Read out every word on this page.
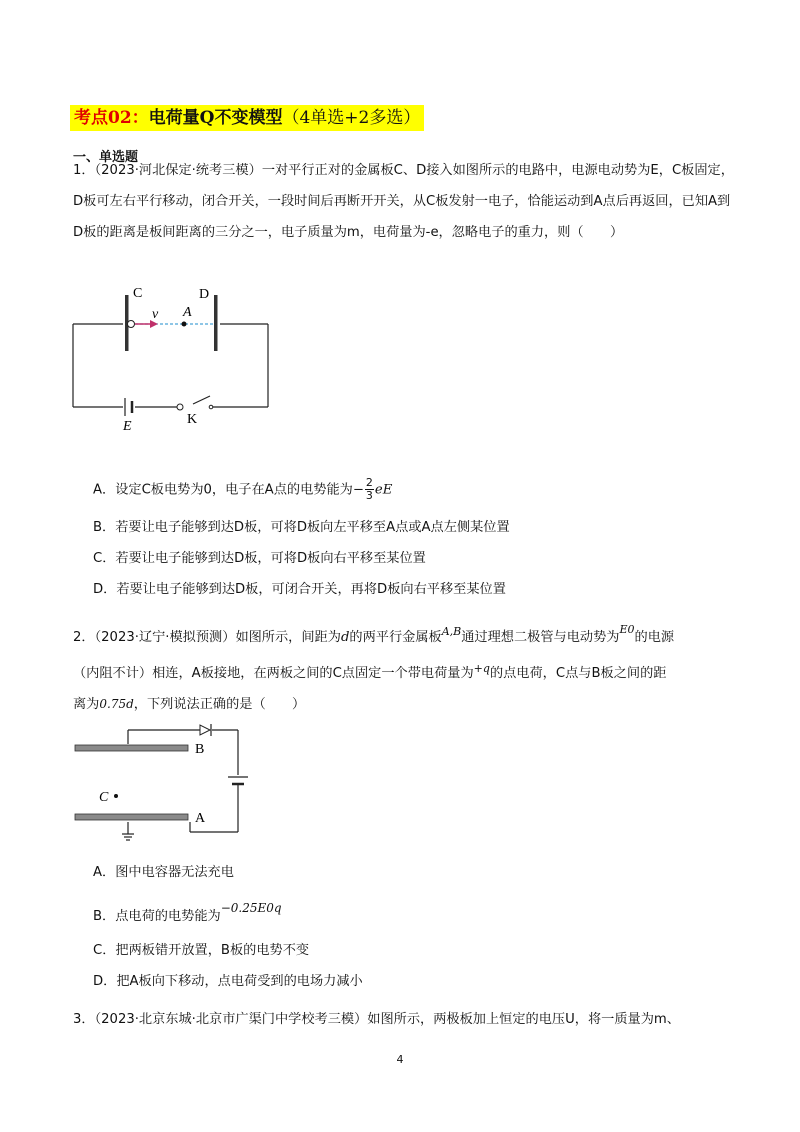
考点02：电荷量Q不变模型（4单选+2多选）
一、单选题
1．（2023·河北保定·统考三模）一对平行正对的金属板C、D接入如图所示的电路中，电源电动势为E，C板固定，D板可左右平行移动，闭合开关，一段时间后再断开开关，从C板发射一电子，恰能运动到A点后再返回，已知A到D板的距离是板间距离的三分之一，电子质量为m，电荷量为-e，忽略电子的重力，则（　　）
C	D
v A
E	K
A．设定C板电势为0，电子在A点的电势能为− $\frac{2}{3}$ eE
B．若要让电子能够到达D板，可将D板向左平移至A点或A点左侧某位置
C．若要让电子能够到达D板，可将D板向右平移至某位置
D．若要让电子能够到达D板，可闭合开关，再将D板向右平移至某位置
2．（2023·辽宁·模拟预测）如图所示，间距为d的两平行金属板$^{A,B}$通过理想二极管与电动势为$^{E0}$的电源
（内阻不计）相连，A板接地，在两板之间的C点固定一个带电荷量为$^{+q}$的点电荷，C点与B板之间的距
离为0.75d，下列说法正确的是（　　）
B
A
C
A．图中电容器无法充电
B．点电荷的电势能为−0.25E0q
C．把两板错开放置，B板的电势不变
D．把A板向下移动，点电荷受到的电场力减小
3．（2023·北京东城·北京市广渠门中学校考三模）如图所示，两极板加上恒定的电压U，将一质量为m、
4
